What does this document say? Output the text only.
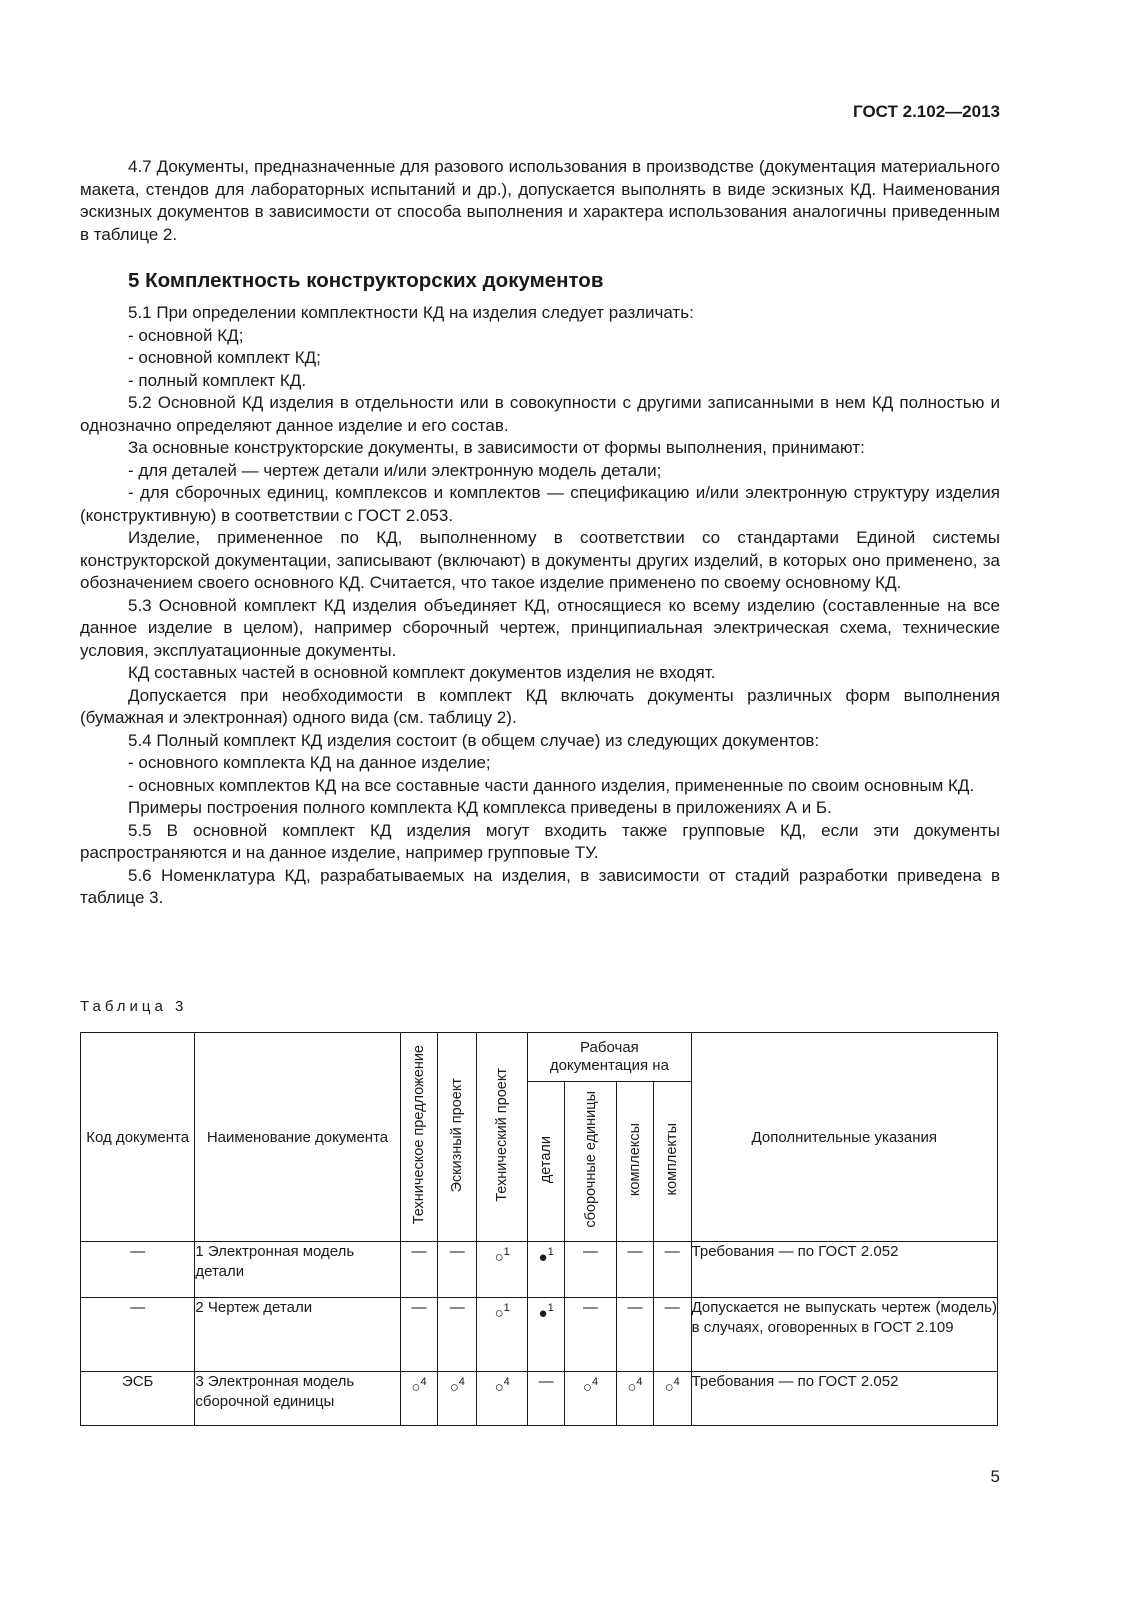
ГОСТ 2.102—2013

4.7 Документы, предназначенные для разового использования в производстве (документация материального макета, стендов для лабораторных испытаний и др.), допускается выполнять в виде эскизных КД. Наименования эскизных документов в зависимости от способа выполнения и характера использования аналогичны приведенным в таблице 2.

5 Комплектность конструкторских документов

5.1 При определении комплектности КД на изделия следует различать:

- основной КД;

- основной комплект КД;

- полный комплект КД.

5.2 Основной КД изделия в отдельности или в совокупности с другими записанными в нем КД полностью и однозначно определяют данное изделие и его состав.

За основные конструкторские документы, в зависимости от формы выполнения, принимают:

- для деталей — чертеж детали и/или электронную модель детали;

- для сборочных единиц, комплексов и комплектов — спецификацию и/или электронную структуру изделия (конструктивную) в соответствии с ГОСТ 2.053.

Изделие, примененное по КД, выполненному в соответствии со стандартами Единой системы конструкторской документации, записывают (включают) в документы других изделий, в которых оно применено, за обозначением своего основного КД. Считается, что такое изделие применено по своему основному КД.

5.3 Основной комплект КД изделия объединяет КД, относящиеся ко всему изделию (составленные на все данное изделие в целом), например сборочный чертеж, принципиальная электрическая схема, технические условия, эксплуатационные документы.

КД составных частей в основной комплект документов изделия не входят.

Допускается при необходимости в комплект КД включать документы различных форм выполнения (бумажная и электронная) одного вида (см. таблицу 2).

5.4 Полный комплект КД изделия состоит (в общем случае) из следующих документов:

- основного комплекта КД на данное изделие;

- основных комплектов КД на все составные части данного изделия, примененные по своим основным КД.

Примеры построения полного комплекта КД комплекса приведены в приложениях А и Б.

5.5 В основной комплект КД изделия могут входить также групповые КД, если эти документы распространяются и на данное изделие, например групповые ТУ.

5.6 Номенклатура КД, разрабатываемых на изделия, в зависимости от стадий разработки приведена в таблице 3.

Таблица 3
Код документа	Наименование документа	Техническое предложение	Эскизный проект	Технический проект	Рабочая документация на				Дополнительные указания
					детали	сборочные единицы	комплексы	комплекты	
—	1 Электронная модель детали	—	—	○$^1$	●$^1$	—	—	—	Требования — по ГОСТ 2.052
—	2 Чертеж детали	—	—	○$^1$	●$^1$	—	—	—	Допускается не выпускать чертеж (модель) в случаях, оговоренных в ГОСТ 2.109
ЭСБ	3 Электронная модель сборочной единицы	○$^4$	○$^4$	○$^4$	—	○$^4$	○$^4$	○$^4$	Требования — по ГОСТ 2.052
5
